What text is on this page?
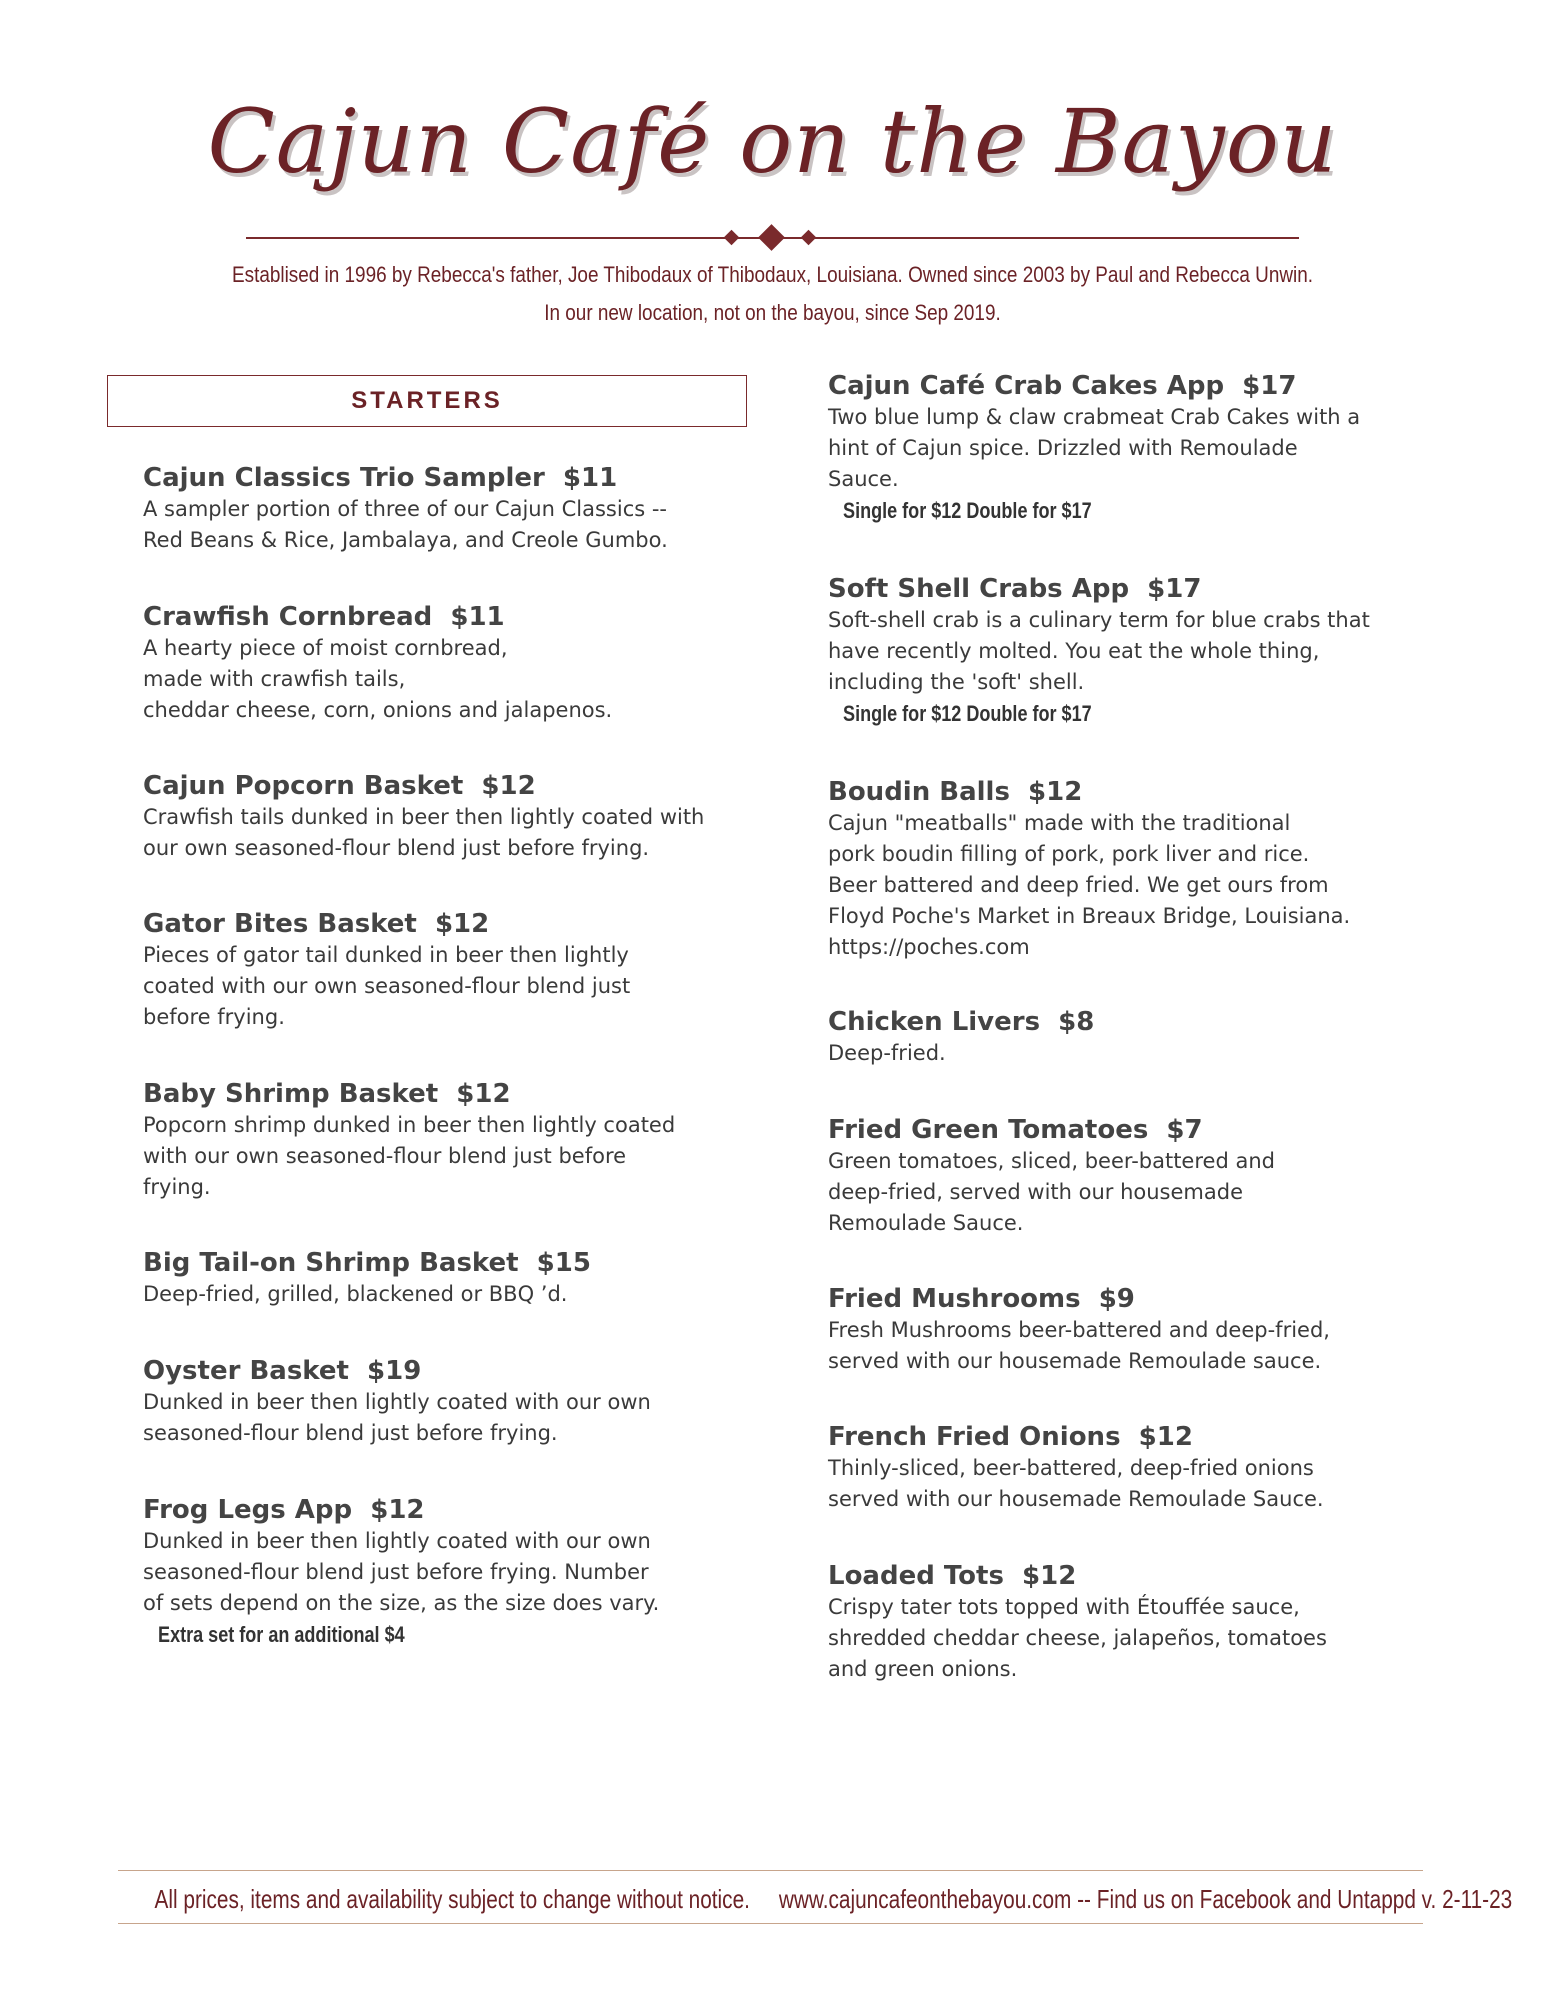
Cajun Café on the Bayou
Establised in 1996 by Rebecca's father, Joe Thibodaux of Thibodaux, Louisiana. Owned since 2003 by Paul and Rebecca Unwin.
In our new location, not on the bayou, since Sep 2019.
STARTERS
Cajun Classics Trio Sampler  $11
A sampler portion of three of our Cajun Classics --
Red Beans & Rice, Jambalaya, and Creole Gumbo.
Crawfish Cornbread  $11
A hearty piece of moist cornbread,
made with crawfish tails,
cheddar cheese, corn, onions and jalapenos.
Cajun Popcorn Basket  $12
Crawfish tails dunked in beer then lightly coated with
our own seasoned-flour blend just before frying.
Gator Bites Basket  $12
Pieces of gator tail dunked in beer then lightly
coated with our own seasoned-flour blend just
before frying.
Baby Shrimp Basket  $12
Popcorn shrimp dunked in beer then lightly coated
with our own seasoned-flour blend just before
frying.
Big Tail-on Shrimp Basket  $15
Deep-fried, grilled, blackened or BBQ ’d.
Oyster Basket  $19
Dunked in beer then lightly coated with our own
seasoned-flour blend just before frying.
Frog Legs App  $12
Dunked in beer then lightly coated with our own
seasoned-flour blend just before frying. Number
of sets depend on the size, as the size does vary.
Extra set for an additional $4
Cajun Café Crab Cakes App  $17
Two blue lump & claw crabmeat Crab Cakes with a
hint of Cajun spice. Drizzled with Remoulade
Sauce.
Single for $12 Double for $17
Soft Shell Crabs App  $17
Soft-shell crab is a culinary term for blue crabs that
have recently molted. You eat the whole thing,
including the 'soft' shell.
Single for $12 Double for $17
Boudin Balls  $12
Cajun "meatballs" made with the traditional
pork boudin filling of pork, pork liver and rice.
Beer battered and deep fried. We get ours from
Floyd Poche's Market in Breaux Bridge, Louisiana.
https://poches.com
Chicken Livers  $8
Deep-fried.
Fried Green Tomatoes  $7
Green tomatoes, sliced, beer-battered and
deep-fried, served with our housemade
Remoulade Sauce.
Fried Mushrooms  $9
Fresh Mushrooms beer-battered and deep-fried,
served with our housemade Remoulade sauce.
French Fried Onions  $12
Thinly-sliced, beer-battered, deep-fried onions
served with our housemade Remoulade Sauce.
Loaded Tots  $12
Crispy tater tots topped with Étouffée sauce,
shredded cheddar cheese, jalapeños, tomatoes
and green onions.
All prices, items and availability subject to change without notice.     www.cajuncafeonthebayou.com -- Find us on Facebook and Untappd v. 2-11-23
